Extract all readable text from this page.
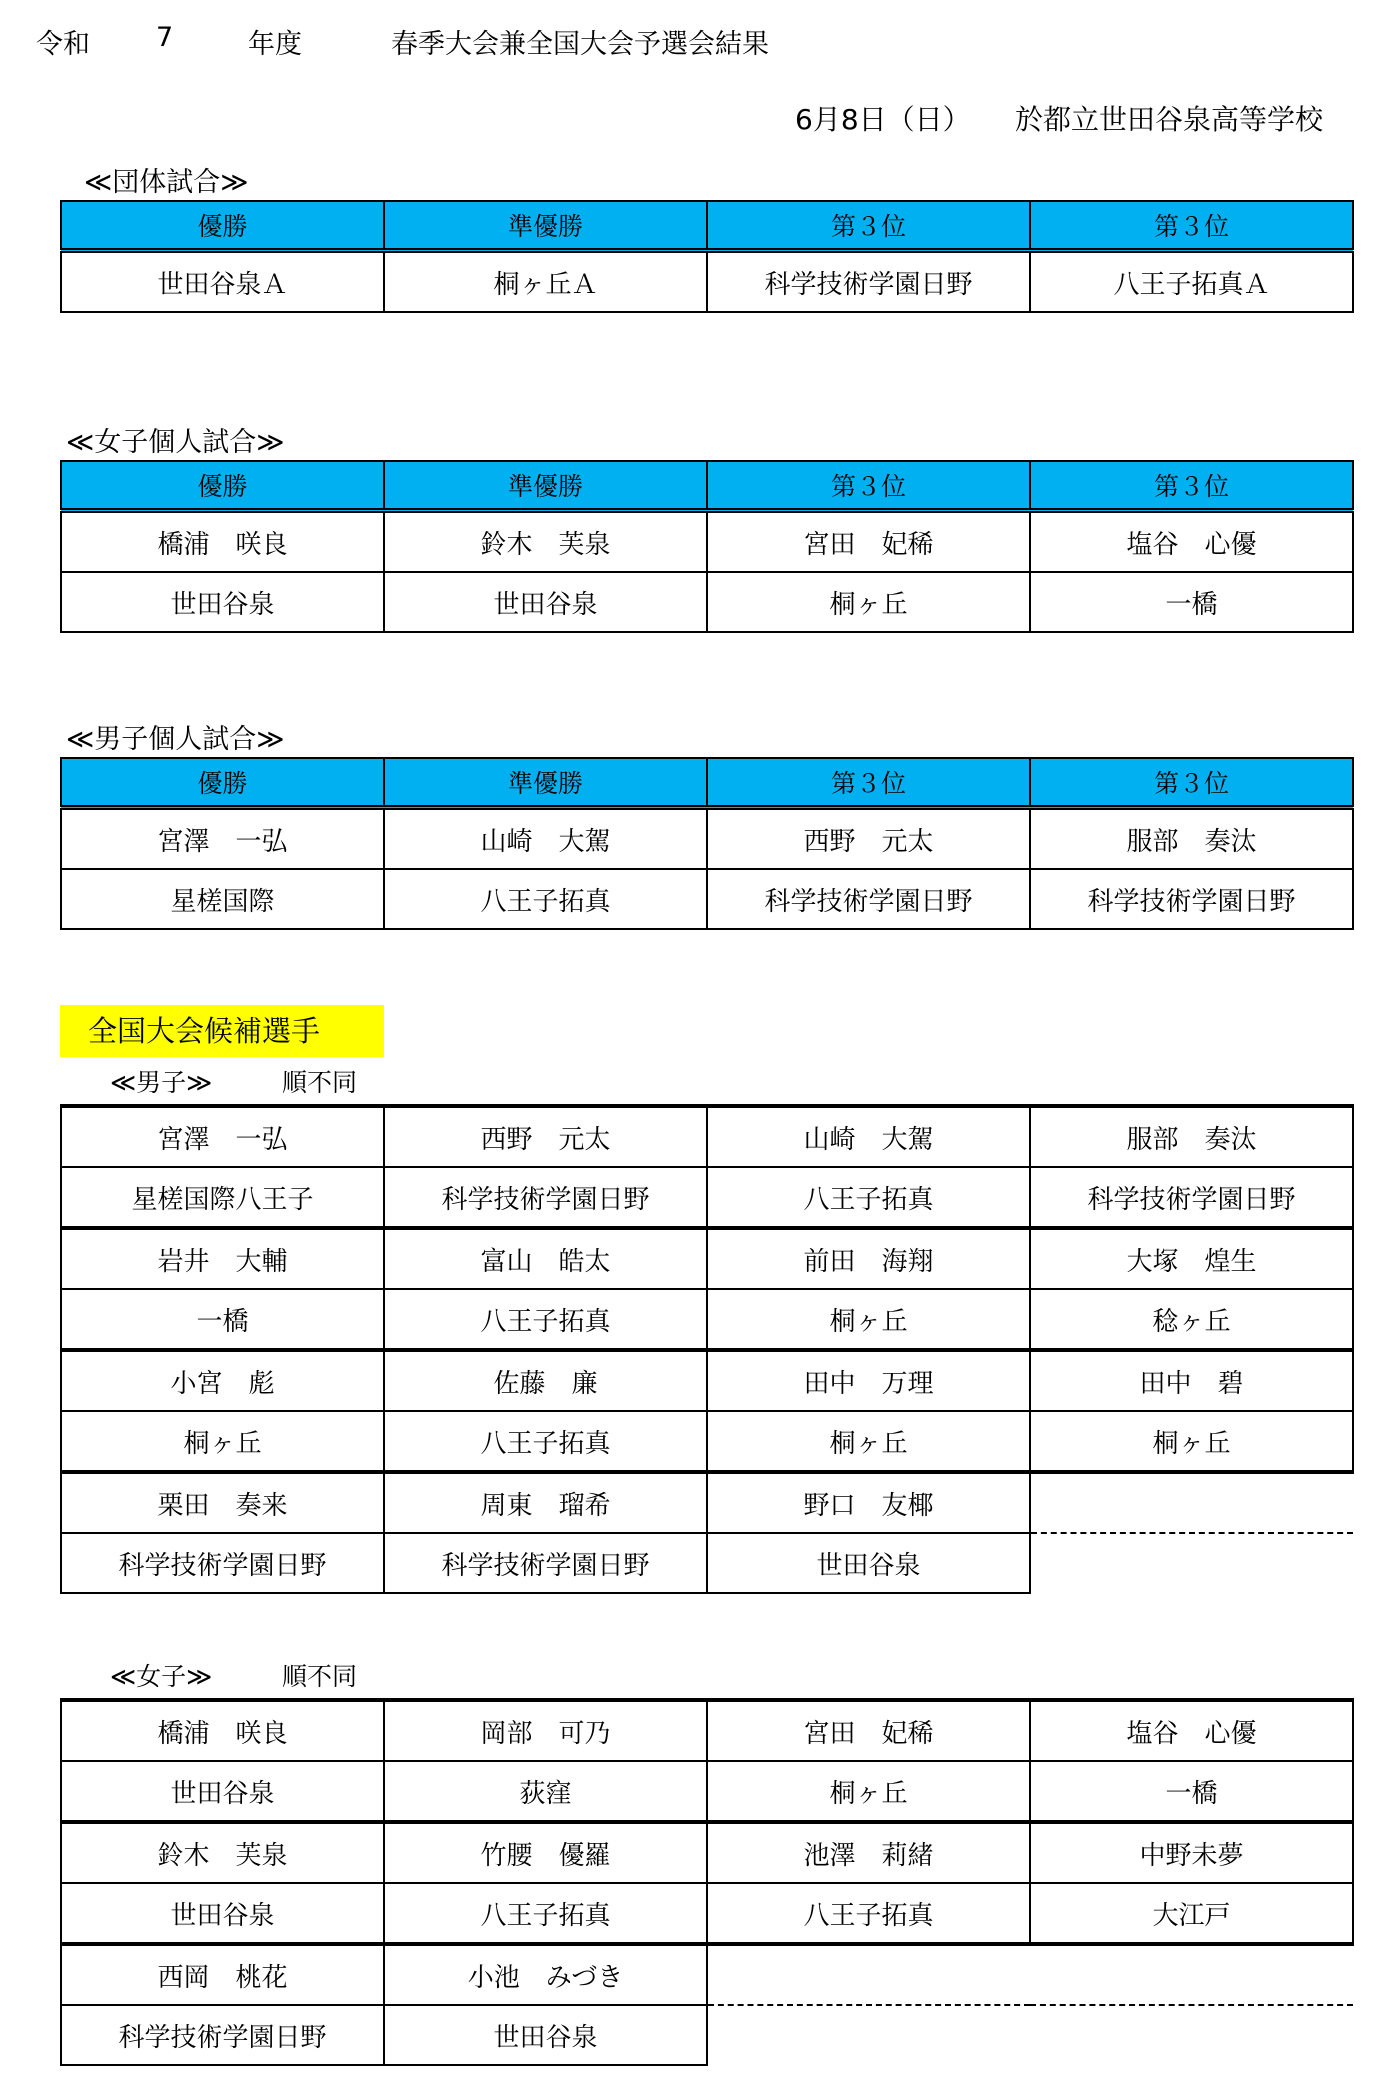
令和 7	年度	春季大会兼全国大会予選会結果
6月8日（日） 於都立世田谷泉高等学校
≪団体試合≫
優勝	準優勝	第３位	第３位
世田谷泉Ａ	桐ヶ丘Ａ	科学技術学園日野	八王子拓真Ａ
≪女子個人試合≫
優勝	準優勝	第３位	第３位
橋浦　咲良	鈴木　芙泉	宮田　妃稀	塩谷　心優
世田谷泉	世田谷泉	桐ヶ丘	一橋
≪男子個人試合≫
優勝	準優勝	第３位	第３位
宮澤　一弘	山崎　大駕	西野　元太	服部　奏汰
星槎国際	八王子拓真	科学技術学園日野	科学技術学園日野
全国大会候補選手
≪男子≫	順不同
宮澤　一弘	西野　元太	山崎　大駕	服部　奏汰
星槎国際八王子	科学技術学園日野	八王子拓真	科学技術学園日野
岩井　大輔	富山　皓太	前田　海翔	大塚　煌生
一橋	八王子拓真	桐ヶ丘	稔ヶ丘
小宮　彪	佐藤　廉	田中　万理	田中　碧
桐ヶ丘	八王子拓真	桐ヶ丘	桐ヶ丘
栗田　奏来	周東　瑠希	野口　友椰	
科学技術学園日野	科学技術学園日野	世田谷泉	
≪女子≫	順不同
橋浦　咲良	岡部　可乃	宮田　妃稀	塩谷　心優
世田谷泉	荻窪	桐ヶ丘	一橋
鈴木　芙泉	竹腰　優羅	池澤　莉緒	中野未夢
世田谷泉	八王子拓真	八王子拓真	大江戸
西岡　桃花	小池　みづき		
科学技術学園日野	世田谷泉		
